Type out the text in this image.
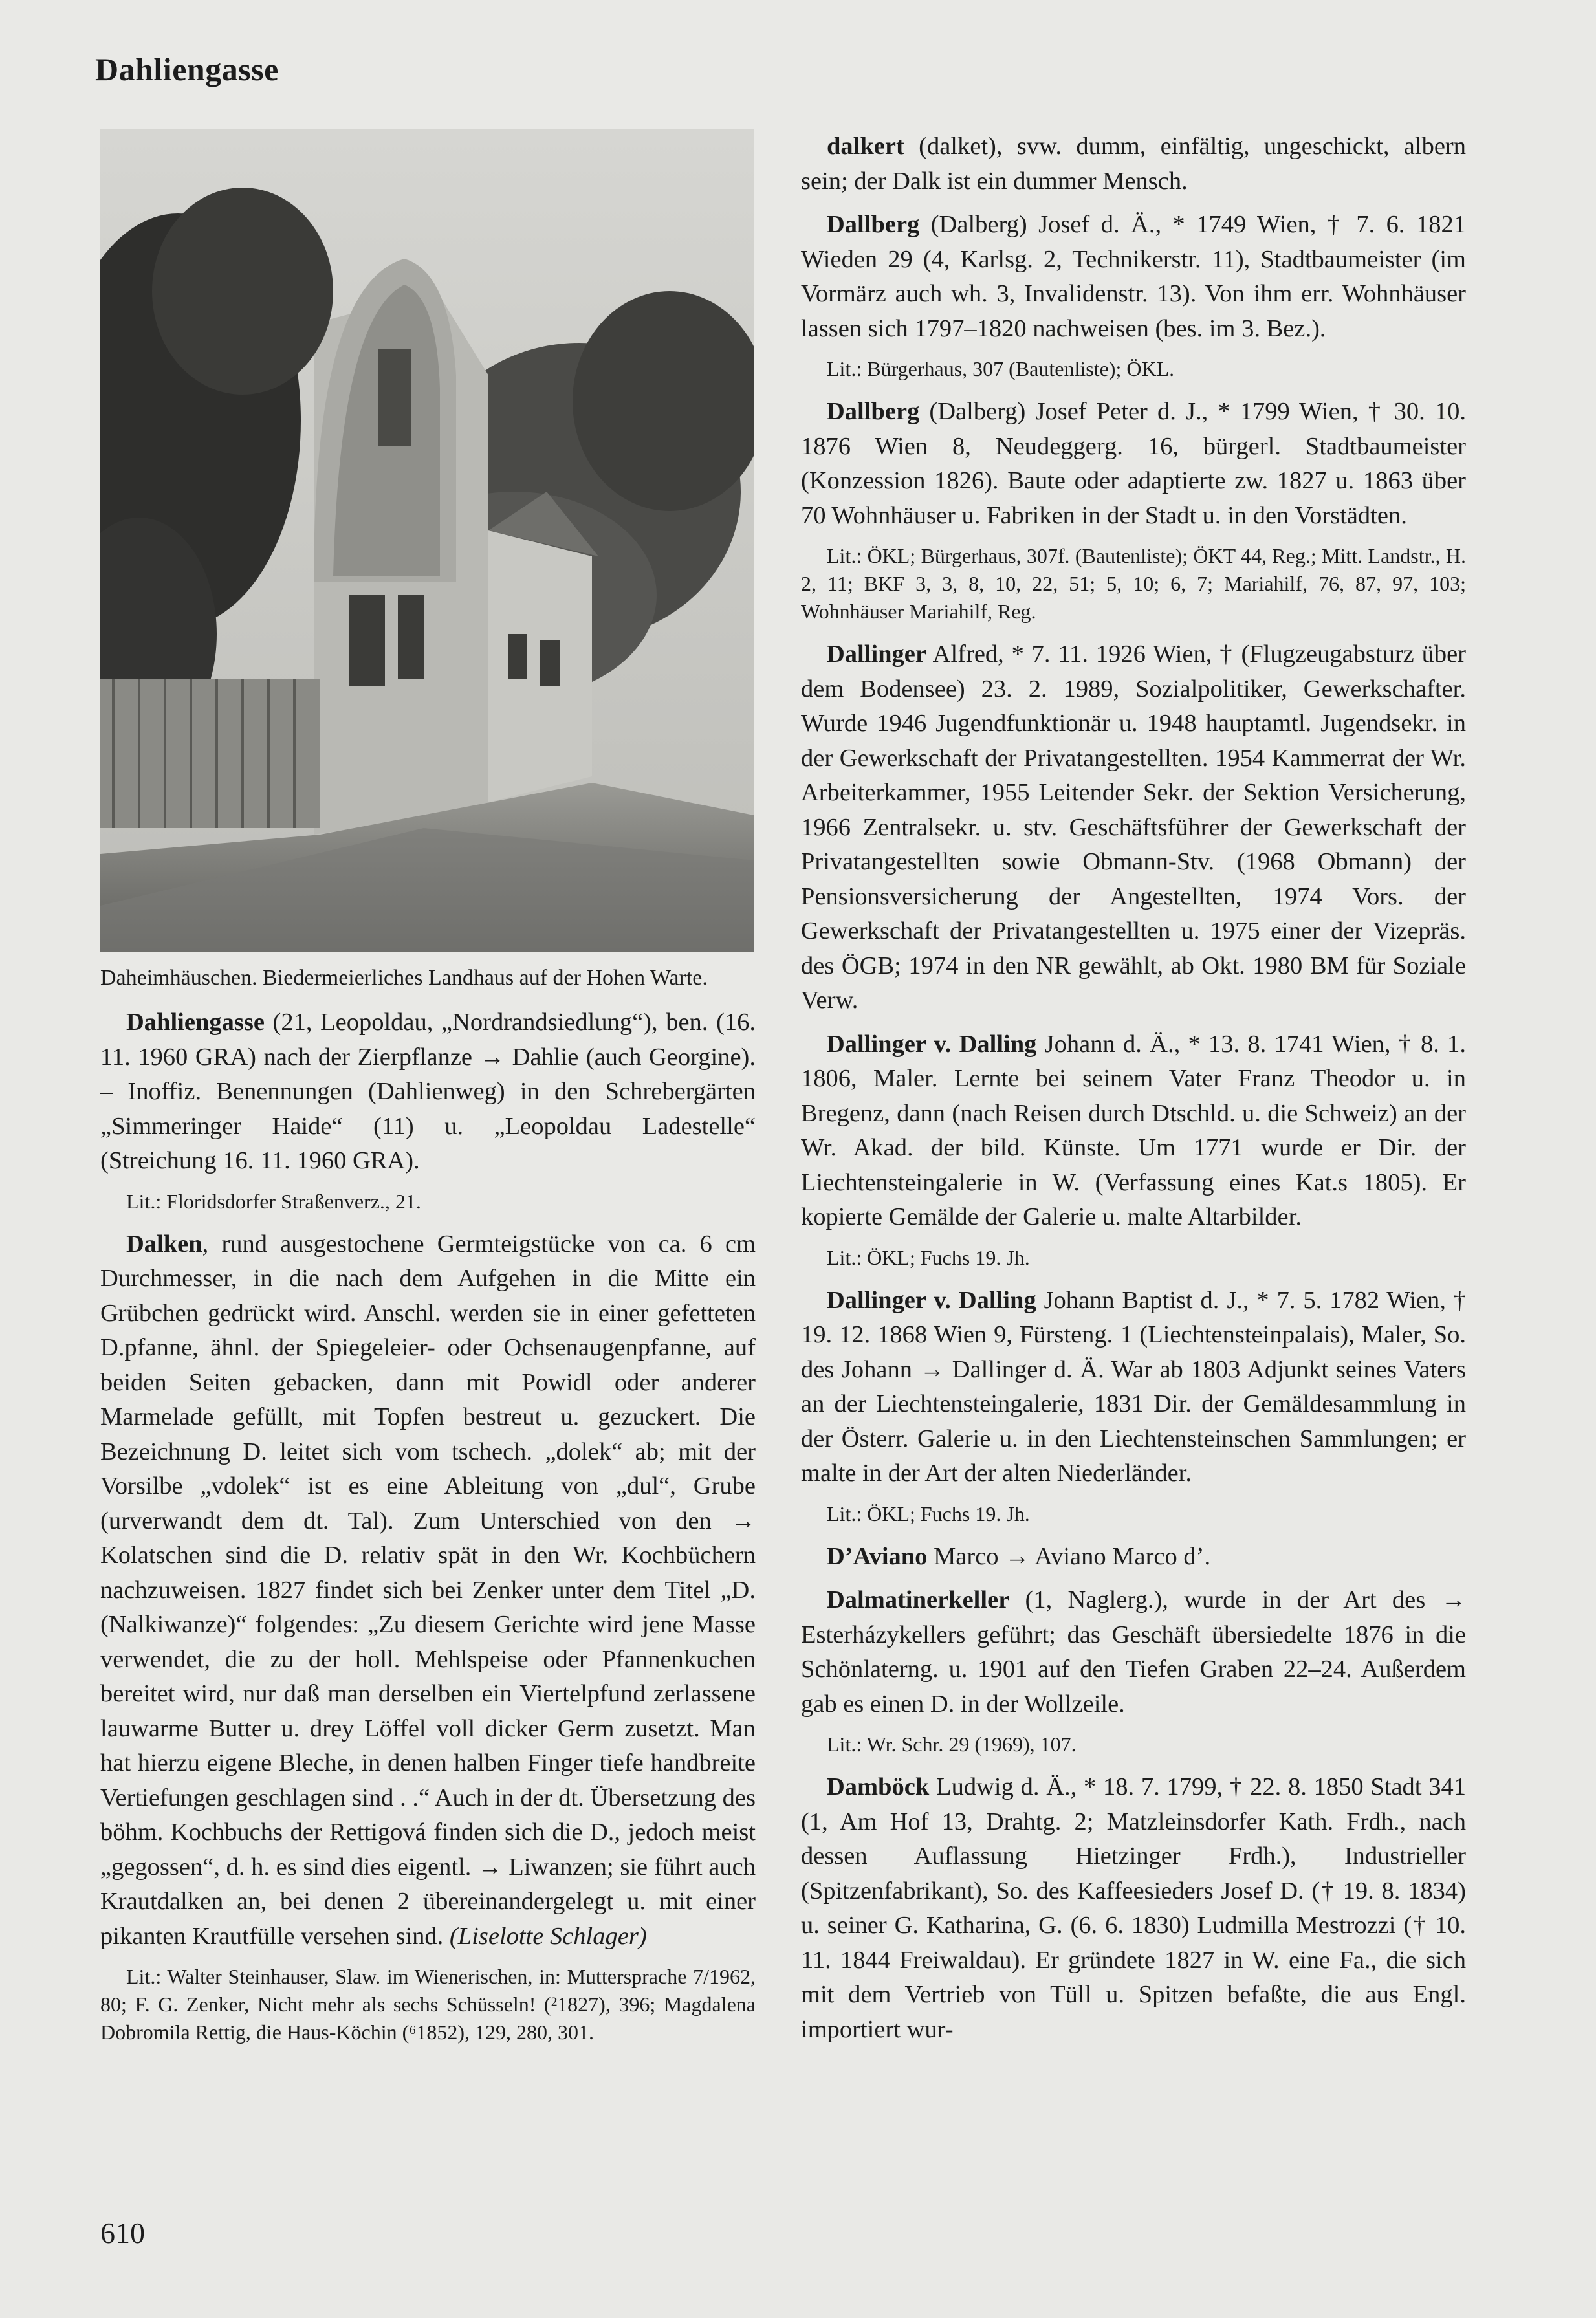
Dahliengasse
Daheimhäuschen. Biedermeierliches Landhaus auf der Hohen Warte.

Dahliengasse (21, Leopoldau, „Nordrandsiedlung“), ben. (16. 11. 1960 GRA) nach der Zierpflanze → Dahlie (auch Georgine). – Inoffiz. Benennungen (Dahlienweg) in den Schrebergärten „Simmeringer Haide“ (11) u. „Leopoldau Ladestelle“ (Streichung 16. 11. 1960 GRA).

Lit.: Floridsdorfer Straßenverz., 21.

Dalken, rund ausgestochene Germteigstücke von ca. 6 cm Durchmesser, in die nach dem Aufgehen in die Mitte ein Grübchen gedrückt wird. Anschl. werden sie in einer gefetteten D.pfanne, ähnl. der Spiegeleier- oder Ochsenaugenpfanne, auf beiden Seiten gebacken, dann mit Powidl oder anderer Marmelade gefüllt, mit Topfen bestreut u. gezuckert. Die Bezeichnung D. leitet sich vom tschech. „dolek“ ab; mit der Vorsilbe „vdolek“ ist es eine Ableitung von „dul“, Grube (urverwandt dem dt. Tal). Zum Unterschied von den → Kolatschen sind die D. relativ spät in den Wr. Kochbüchern nachzuweisen. 1827 findet sich bei Zenker unter dem Titel „D. (Nalkiwanze)“ folgendes: „Zu diesem Gerichte wird jene Masse verwendet, die zu der holl. Mehlspeise oder Pfannenkuchen bereitet wird, nur daß man derselben ein Viertelpfund zerlassene lauwarme Butter u. drey Löffel voll dicker Germ zusetzt. Man hat hierzu eigene Bleche, in denen halben Finger tiefe handbreite Vertiefungen geschlagen sind . .“ Auch in der dt. Übersetzung des böhm. Kochbuchs der Rettigová finden sich die D., jedoch meist „gegossen“, d. h. es sind dies eigentl. → Liwanzen; sie führt auch Krautdalken an, bei denen 2 übereinandergelegt u. mit einer pikanten Krautfülle versehen sind. (Liselotte Schlager)

Lit.: Walter Steinhauser, Slaw. im Wienerischen, in: Muttersprache 7/1962, 80; F. G. Zenker, Nicht mehr als sechs Schüsseln! (²1827), 396; Magdalena Dobromila Rettig, die Haus-Köchin (⁶1852), 129, 280, 301.

dalkert (dalket), svw. dumm, einfältig, ungeschickt, albern sein; der Dalk ist ein dummer Mensch.

Dallberg (Dalberg) Josef d. Ä., * 1749 Wien, † 7. 6. 1821 Wieden 29 (4, Karlsg. 2, Technikerstr. 11), Stadtbaumeister (im Vormärz auch wh. 3, Invalidenstr. 13). Von ihm err. Wohnhäuser lassen sich 1797–1820 nachweisen (bes. im 3. Bez.).

Lit.: Bürgerhaus, 307 (Bautenliste); ÖKL.

Dallberg (Dalberg) Josef Peter d. J., * 1799 Wien, † 30. 10. 1876 Wien 8, Neudeggerg. 16, bürgerl. Stadtbaumeister (Konzession 1826). Baute oder adaptierte zw. 1827 u. 1863 über 70 Wohnhäuser u. Fabriken in der Stadt u. in den Vorstädten.

Lit.: ÖKL; Bürgerhaus, 307f. (Bautenliste); ÖKT 44, Reg.; Mitt. Landstr., H. 2, 11; BKF 3, 3, 8, 10, 22, 51; 5, 10; 6, 7; Mariahilf, 76, 87, 97, 103; Wohnhäuser Mariahilf, Reg.

Dallinger Alfred, * 7. 11. 1926 Wien, † (Flugzeugabsturz über dem Bodensee) 23. 2. 1989, Sozialpolitiker, Gewerkschafter. Wurde 1946 Jugendfunktionär u. 1948 hauptamtl. Jugendsekr. in der Gewerkschaft der Privatangestellten. 1954 Kammerrat der Wr. Arbeiterkammer, 1955 Leitender Sekr. der Sektion Versicherung, 1966 Zentralsekr. u. stv. Geschäftsführer der Gewerkschaft der Privatangestellten sowie Obmann-Stv. (1968 Obmann) der Pensionsversicherung der Angestellten, 1974 Vors. der Gewerkschaft der Privatangestellten u. 1975 einer der Vizepräs. des ÖGB; 1974 in den NR gewählt, ab Okt. 1980 BM für Soziale Verw.

Dallinger v. Dalling Johann d. Ä., * 13. 8. 1741 Wien, † 8. 1. 1806, Maler. Lernte bei seinem Vater Franz Theodor u. in Bregenz, dann (nach Reisen durch Dtschld. u. die Schweiz) an der Wr. Akad. der bild. Künste. Um 1771 wurde er Dir. der Liechtensteingalerie in W. (Verfassung eines Kat.s 1805). Er kopierte Gemälde der Galerie u. malte Altarbilder.

Lit.: ÖKL; Fuchs 19. Jh.

Dallinger v. Dalling Johann Baptist d. J., * 7. 5. 1782 Wien, † 19. 12. 1868 Wien 9, Fürsteng. 1 (Liechtensteinpalais), Maler, So. des Johann → Dallinger d. Ä. War ab 1803 Adjunkt seines Vaters an der Liechtensteingalerie, 1831 Dir. der Gemäldesammlung in der Österr. Galerie u. in den Liechtensteinschen Sammlungen; er malte in der Art der alten Niederländer.

Lit.: ÖKL; Fuchs 19. Jh.

D’Aviano Marco → Aviano Marco d’.

Dalmatinerkeller (1, Naglerg.), wurde in der Art des → Esterházykellers geführt; das Geschäft übersiedelte 1876 in die Schönlaterng. u. 1901 auf den Tiefen Graben 22–24. Außerdem gab es einen D. in der Wollzeile.

Lit.: Wr. Schr. 29 (1969), 107.

Damböck Ludwig d. Ä., * 18. 7. 1799, † 22. 8. 1850 Stadt 341 (1, Am Hof 13, Drahtg. 2; Matzleinsdorfer Kath. Frdh., nach dessen Auflassung Hietzinger Frdh.), Industrieller (Spitzenfabrikant), So. des Kaffeesieders Josef D. († 19. 8. 1834) u. seiner G. Katharina, G. (6. 6. 1830) Ludmilla Mestrozzi († 10. 11. 1844 Freiwaldau). Er gründete 1827 in W. eine Fa., die sich mit dem Vertrieb von Tüll u. Spitzen befaßte, die aus Engl. importiert wur-

610
